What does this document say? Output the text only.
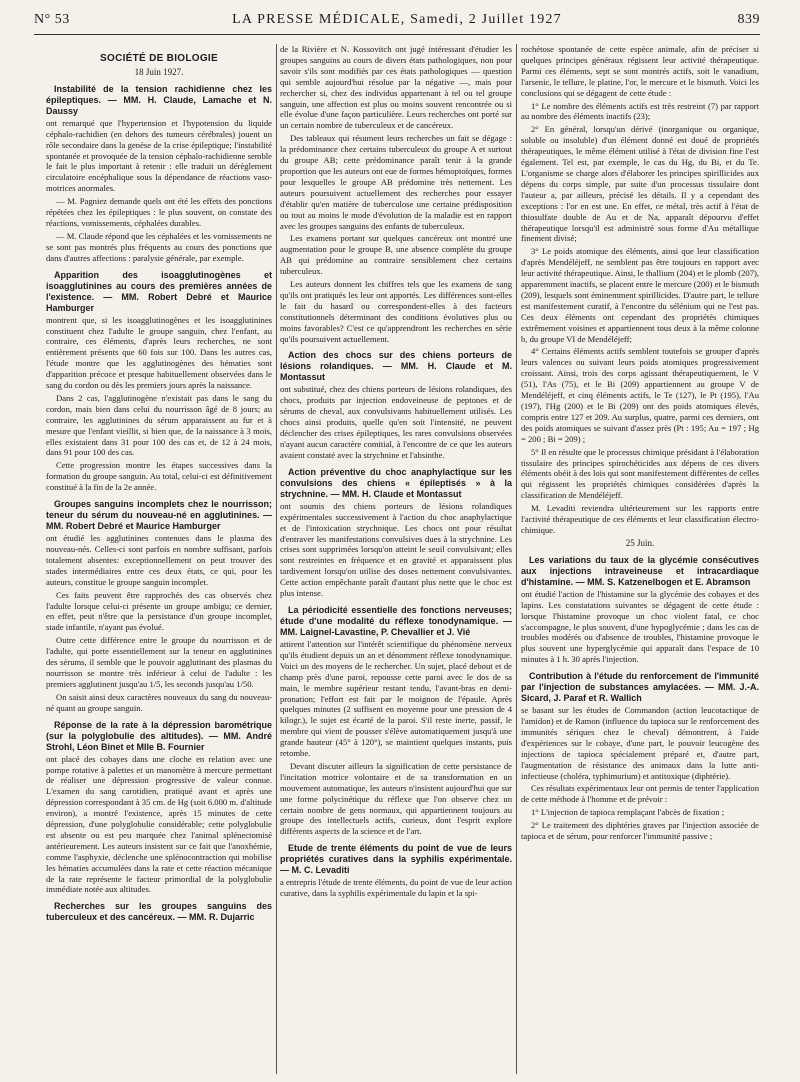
N° 53	LA PRESSE MÉDICALE, Samedi, 2 Juillet 1927	839
SOCIÉTÉ DE BIOLOGIE
18 Juin 1927.
Instabilité de la tension rachidienne chez les épileptiques. — MM. H. Claude, Lamache et N. Daussy

ont remarqué que l'hypertension et l'hypotension du liquide céphalo-rachidien (en dehors des tumeurs cérébrales) jouent un rôle secondaire dans la genèse de la crise épileptique; l'instabilité spontanée et provoquée de la tension céphalo-rachidienne semble le fait le plus important à retenir : elle traduit un dérèglement circulatoire encéphalique sous la dépendance de réactions vaso-motrices anormales.

— M. Pagniez demande quels ont été les effets des ponctions répétées chez les épileptiques : le plus souvent, on constate des réactions, vomissements, céphalées durables.

— M. Claude répond que les céphalées et les vomissements ne se sont pas montrés plus fréquents au cours des ponctions que dans d'autres affections : paralysie générale, par exemple.

Apparition des isoagglutinogènes et isoagglutinines au cours des premières années de l'existence. — MM. Robert Debré et Maurice Hamburger

montrent que, si les isoagglutinogènes et les isoagglutinines constituent chez l'adulte le groupe sanguin, chez l'enfant, au contraire, ces éléments, d'après leurs recherches, ne sont entièrement présents que 60 fois sur 100. Dans les autres cas, l'étude montre que les agglutinogènes des hématies sont d'apparition précoce et presque habituellement observées dans le sang du cordon ou dès les premiers jours après la naissance.

Dans 2 cas, l'agglutinogène n'existait pas dans le sang du cordon, mais bien dans celui du nourrisson âgé de 8 jours; au contraire, les agglutinines du sérum apparaissent au fur et à mesure que l'enfant vieillit, si bien que, de la naissance à 3 mois, elles existaient dans 31 pour 100 des cas et, de 12 à 24 mois, dans 91 pour 100 des cas.

Cette progression montre les étapes successives dans la formation du groupe sanguin. Au total, celui-ci est définitivement constitué à la fin de la 2e année.

Groupes sanguins incomplets chez le nourrisson; teneur du sérum du nouveau-né en agglutinines. — MM. Robert Debré et Maurice Hamburger

ont étudié les agglutinines contenues dans le plasma des nouveau-nés. Celles-ci sont parfois en nombre suffisant, parfois totalement absentes: exceptionnellement on peut trouver des stades intermédiaires entre ces deux états, ce qui, pour les auteurs, constitue le groupe sanguin incomplet.

Ces faits peuvent être rapprochés des cas observés chez l'adulte lorsque celui-ci présente un groupe ambigu; ce dernier, en effet, peut n'être que la persistance d'un groupe incomplet, stade infantile, n'ayant pas évolué.

Outre cette différence entre le groupe du nourrisson et de l'adulte, qui porte essentiellement sur la teneur en agglutinines des sérums, il semble que le pouvoir agglutinant des plasmas du nourrisson se montre très inférieur à celui de l'adulte : les premiers agglutinent jusqu'au 1/5, les seconds jusqu'au 1/50.

On saisit ainsi deux caractères nouveaux du sang du nouveau-né quant au groupe sanguin.

Réponse de la rate à la dépression barométrique (sur la polyglobulie des altitudes). — MM. André Strohl, Léon Binet et Mlle B. Fournier

ont placé des cobayes dans une cloche en relation avec une pompe rotative à palettes et un manomètre à mercure permettant de réaliser une dépression progressive de valeur connue. L'examen du sang carotidien, pratiqué avant et après une dépression correspondant à 35 cm. de Hg (soit 6.000 m. d'altitude environ), a montré l'existence, après 15 minutes de cette dépression, d'une polyglobulie considérable; cette polyglobulie est absente ou est peu marquée chez l'animal splénectomisé antérieurement. Les auteurs insistent sur ce fait que l'anoxhémie, comme l'asphyxie, déclenche une splénocontraction qui mobilise les hématies accumulées dans la rate et cette réaction mécanique de la rate représente le facteur primordial de la polyglobulie immédiate notée aux altitudes.

Recherches sur les groupes sanguins des tuberculeux et des cancéreux. — MM. R. Dujarric

de la Rivière et N. Kossovitch ont jugé intéressant d'étudier les groupes sanguins au cours de divers états pathologiques, non pour savoir s'ils sont modifiés par ces états pathologiques — question qui semble aujourd'hui résolue par la négative —, mais pour rechercher si, chez des individus appartenant à tel ou tel groupe sanguin, une affection est plus ou moins souvent rencontrée ou si elle évolue d'une façon particulière. Leurs recherches ont porté sur un certain nombre de tuberculeux et de cancéreux.

Des tableaux qui résument leurs recherches un fait se dégage : la prédominance chez certains tuberculeux du groupe A et surtout du groupe AB; cette prédominance paraît tenir à la grande proportion que les auteurs ont eue de formes hémoptoïques, formes pour lesquelles le groupe AB prédomine très nettement. Les auteurs poursuivent actuellement des recherches pour essayer d'établir qu'en matière de tuberculose une certaine prédisposition ou tout au moins le mode d'évolution de la maladie est en rapport avec les groupes sanguins des enfants de tuberculeux.

Les examens portant sur quelques cancéreux ont montré une augmentation pour le groupe B, une absence complète du groupe AB qui prédomine au contraire sensiblement chez certains tuberculeux.

Les auteurs donnent les chiffres tels que les examens de sang qu'ils ont pratiqués les leur ont apportés. Les différences sont-elles le fait du hasard ou correspondent-elles à des facteurs constitutionnels déterminant des conditions évolutives plus ou moins favorables? C'est ce qu'apprendront les recherches en série qu'ils poursuivent actuellement.

Action des chocs sur des chiens porteurs de lésions rolandiques. — MM. H. Claude et M. Montassut

ont substitué, chez des chiens porteurs de lésions rolandiques, des chocs, produits par injection endoveineuse de peptones et de sérums de cheval, aux convulsivants habituellement utilisés. Les chocs ainsi produits, quelle qu'en soit l'intensité, ne peuvent déclencher des crises épileptiques, les rares convulsions observées n'ayant aucun caractère comitial, à l'encontre de ce que les auteurs avaient constaté avec la strychnine et l'absinthe.

Action préventive du choc anaphylactique sur les convulsions des chiens « épileptisés » à la strychnine. — MM. H. Claude et Montassut

ont soumis des chiens porteurs de lésions rolandiques expérimentales successivement à l'action du choc anaphylactique et de l'intoxication strychnique. Les chocs ont pour résultat d'entraver les manifestations convulsives dues à la strychnine. Les crises sont supprimées lorsqu'on atteint le seuil convulsivant; elles sont restreintes en fréquence et en gravité et apparaissent plus tardivement lorsqu'on utilise des doses nettement convulsivantes. Cette action empêchante paraît d'autant plus nette que le choc est plus intense.

La périodicité essentielle des fonctions nerveuses; étude d'une modalité du réflexe tonodynamique. — MM. Laignel-Lavastine, P. Chevallier et J. Vié

attirent l'attention sur l'intérêt scientifique du phénomène nerveux qu'ils étudient depuis un an et dénomment réflexe tonodynamique. Voici un des moyens de le rechercher. Un sujet, placé debout et de champ près d'une paroi, repousse cette paroi avec le dos de sa main, le membre supérieur restant tendu, l'avant-bras en demi-pronation; l'effort est fait par le moignon de l'épaule. Après quelques minutes (2 suffisent en moyenne pour une pression de 4 kilogr.), le sujet est écarté de la paroi. S'il reste inerte, passif, le membre qui vient de pousser s'élève automatiquement jusqu'à une grande hauteur (45° à 120°), se maintient quelques instants, puis retombe.

Devant discuter ailleurs la signification de cette persistance de l'incitation motrice volontaire et de sa transformation en un mouvement automatique, les auteurs n'insistent aujourd'hui que sur une forme polycinétique du réflexe que l'on observe chez un certain nombre de gens normaux, qui appartiennent toujours au groupe des intellectuels actifs, curieux, dont l'esprit explore différents aspects de la science et de l'art.

Etude de trente éléments du point de vue de leurs propriétés curatives dans la syphilis expérimentale. — M. C. Levaditi

a entrepris l'étude de trente éléments, du point de vue de leur action curative, dans la syphilis expérimentale du lapin et la spi-

rochétose spontanée de cette espèce animale, afin de préciser si quelques principes généraux régissent leur activité thérapeutique. Parmi ces éléments, sept se sont montrés actifs, soit le vanadium, l'arsenic, le tellure, le platine, l'or, le mercure et le bismuth. Voici les conclusions qui se dégagent de cette étude :

1° Le nombre des éléments actifs est très restreint (7) par rapport au nombre des éléments inactifs (23);

2° En général, lorsqu'un dérivé (inorganique ou organique, soluble ou insoluble) d'un élément donné est doué de propriétés thérapeutiques, le même élément utilisé à l'état de division fine l'est également. Tel est, par exemple, le cas du Hg, du Bi, et du Te. L'organisme se charge alors d'élaborer les principes spirillicides aux dépens du corps simple, par suite d'un processus tissulaire dont l'auteur a, par ailleurs, précisé les détails. Il y a cependant des exceptions : l'or en est une. En effet, ce métal, très actif à l'état de thiosulfate double de Au et de Na, apparaît dépourvu d'effet thérapeutique lorsqu'il est administré sous forme d'Au métallique finement divisé;

3° Le poids atomique des éléments, ainsi que leur classification d'après Mendéléjeff, ne semblent pas être toujours en rapport avec leur activité thérapeutique. Ainsi, le thallium (204) et le plomb (207), apparemment inactifs, se placent entre le mercure (200) et le bismuth (209), lesquels sont éminemment spirillicides. D'autre part, le tellure est manifestement curatif, à l'encontre du sélénium qui ne l'est pas. Ces deux éléments ont cependant des propriétés chimiques extrêmement voisines et appartiennent tous deux à la même colonne b, du groupe VI de Mendéléjeff;

4° Certains éléments actifs semblent toutefois se grouper d'après leurs valences ou suivant leurs poids atomiques progressivement croissant. Ainsi, trois des corps agissant thérapeutiquement, le V (51), l'As (75), et le Bi (209) appartiennent au groupe V de Mendéléjeff, et cinq éléments actifs, le Te (127), le Pt (195), l'Au (197), l'Hg (200) et le Bi (209) ont des poids atomiques élevés, compris entre 127 et 209. Au surplus, quatre, parmi ces derniers, ont des poids atomiques se suivant d'assez près (Pt : 195; Au = 197 ; Hg = 200 ; Bi = 209) ;

5° Il en résulte que le processus chimique présidant à l'élaboration tissulaire des principes spirochéticides aux dépens de ces divers éléments obéit à des lois qui sont manifestement différentes de celles qui régissent les propriétés chimiques considérées d'après la classification de Mendéléjeff.

M. Levaditi reviendra ultérieurement sur les rapports entre l'activité thérapeutique de ces éléments et leur classification électro-chimique.

25 Juin.
Les variations du taux de la glycémie consécutives aux injections intraveineuse et intracardiaque d'histamine. — MM. S. Katzenelbogen et E. Abramson

ont étudié l'action de l'histamine sur la glycémie des cobayes et des lapins. Les constatations suivantes se dégagent de cette étude : lorsque l'histamine provoque un choc violent fatal, ce choc s'accompagne, le plus souvent, d'une hypoglycémie ; dans les cas de troubles modérés ou d'absence de troubles, l'histamine provoque le plus souvent une hyperglycémie qui apparaît dans l'espace de 10 minutes à 1 h. 30 après l'injection.

Contribution à l'étude du renforcement de l'immunité par l'injection de substances amylacées. — MM. J.-A. Sicard, J. Paraf et R. Wallich

se basant sur les études de Commandon (action leucotactique de l'amidon) et de Ramon (influence du tapioca sur le renforcement des immunités sériques chez le cheval) démontrent, à l'aide d'expériences sur le cobaye, d'une part, le pouvoir leucogène des injections de tapioca spécialement préparé et, d'autre part, l'augmentation de résistance des animaux dans la lutte anti-infectieuse (choléra, typhimurium) et antitoxique (diphtérie).

Ces résultats expérimentaux leur ont permis de tenter l'application de cette méthode à l'homme et de prévoir :

1° L'injection de tapioca remplaçant l'abcès de fixation ;

2° Le traitement des diphtéries graves par l'injection associée de tapioca et de sérum, pour renforcer l'immunité passive ;
